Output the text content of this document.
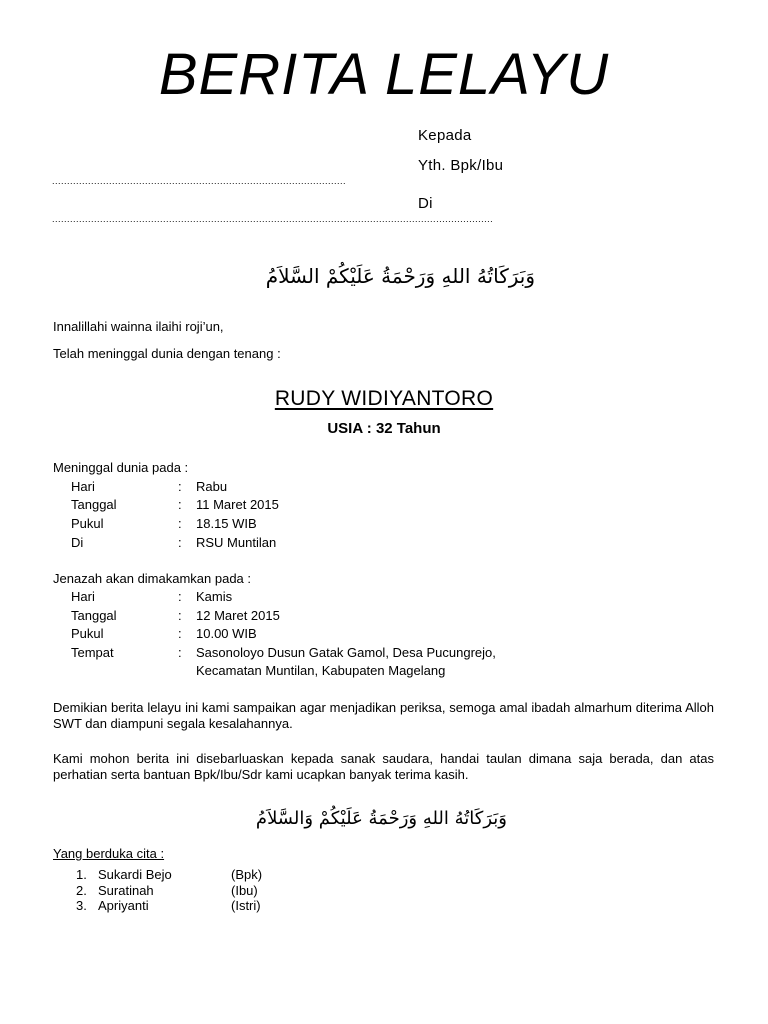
BERITA LELAYU
Kepada
Yth. Bpk/Ibu
..................................................................................................
Di
...................................................................................................................................................
وَبَرَكَاتُهُ اللهِ وَرَحْمَةُ عَلَيْكُمْ السَّلاَمُ
Innalillahi wainna ilaihi roji’un,
Telah meninggal dunia dengan tenang :
RUDY WIDIYANTORO
USIA : 32 Tahun
Meninggal dunia pada :
Hari	: Rabu
Tanggal	: 11 Maret 2015
Pukul	: 18.15 WIB
Di	: RSU Muntilan
Jenazah akan dimakamkan pada :
Hari	: Kamis
Tanggal	: 12 Maret 2015
Pukul	: 10.00 WIB
Tempat	: Sasonoloyo Dusun Gatak Gamol, Desa Pucungrejo,
Kecamatan Muntilan, Kabupaten Magelang
Demikian berita lelayu ini kami sampaikan agar menjadikan periksa, semoga amal ibadah almarhum diterima Alloh SWT dan diampuni segala kesalahannya.
Kami mohon berita ini disebarluaskan kepada sanak saudara, handai taulan dimana saja berada, dan atas perhatian serta bantuan Bpk/Ibu/Sdr kami ucapkan banyak terima kasih.
وَبَرَكَاتُهُ اللهِ وَرَحْمَةُ عَلَيْكُمْ وَالسَّلاَمُ
Yang berduka cita :
1. Sukardi Bejo	(Bpk)
2. Suratinah	(Ibu)
3. Apriyanti	(Istri)
